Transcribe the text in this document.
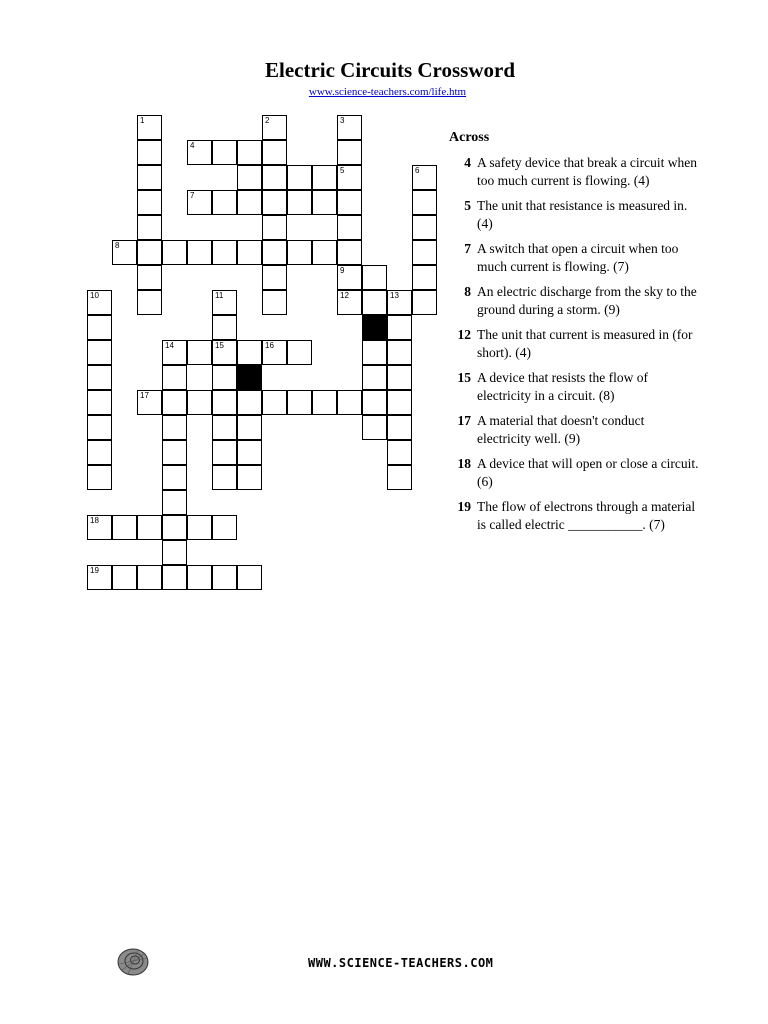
Electric Circuits Crossword
www.science-teachers.com/life.htm
4
7
8
12	13
14	15
17
18
19
16
1	2	3
5
9
6
10	11
Across
4 A safety device that break a circuit when too much current is flowing. (4)
5 The unit that resistance is measured in. (4)
7 A switch that open a circuit when too much current is flowing. (7)
8 An electric discharge from the sky to the ground during a storm. (9)
12 The unit that current is measured in (for short). (4)
15 A device that resists the flow of electricity in a circuit. (8)
17 A material that doesn't conduct electricity well. (9)
18 A device that will open or close a circuit. (6)
19 The flow of electrons through a material is called electric ___________. (7)
WWW.SCIENCE-TEACHERS.COM
